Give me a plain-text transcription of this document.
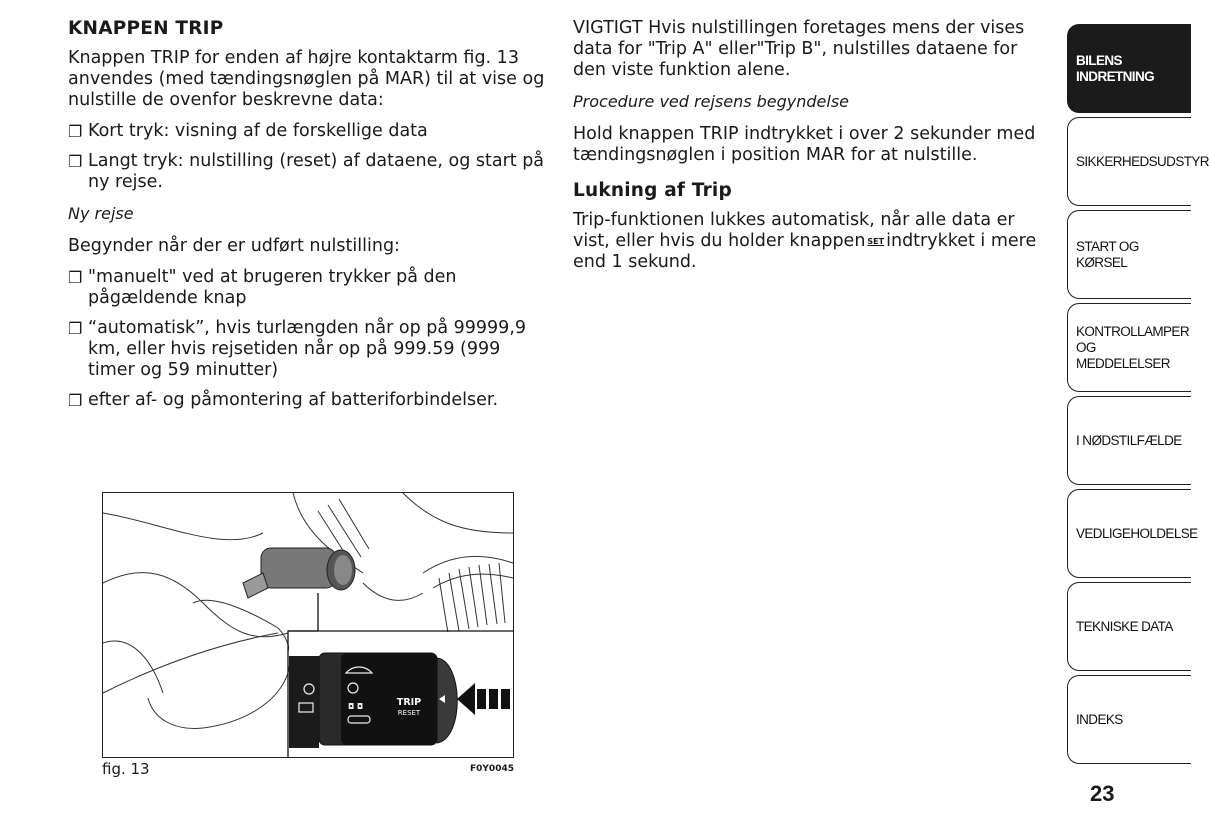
KNAPPEN TRIP

Knappen TRIP for enden af højre kontaktarm fig. 13 anvendes (med tændingsnøglen på MAR) til at vise og nulstille de ovenfor beskrevne data:

❐ Kort tryk: visning af de forskellige data
❐ Langt tryk: nulstilling (reset) af dataene, og start på ny rejse.

Ny rejse

Begynder når der er udført nulstilling:

❐ "manuelt" ved at brugeren trykker på den pågældende knap
❐ “automatisk”, hvis turlængden når op på 99999,9 km, eller hvis rejsetiden når op på 999.59 (999 timer og 59 minutter)
❐ efter af- og påmontering af batteriforbindelser.
◘ ◘	TRIP
RESET
fig. 13	F0Y0045

VIGTIGT Hvis nulstillingen foretages mens der vises data for "Trip A" eller"Trip B", nulstilles dataene for den viste funktion alene.

Procedure ved rejsens begyndelse

Hold knappen TRIP indtrykket i over 2 sekunder med tændingsnøglen i position MAR for at nulstille.

Lukning af Trip

Trip-funktionen lukkes automatisk, når alle data er vist, eller hvis du holder knappen SET indtrykket i mere end 1 sekund.

BILENS
INDRETNING
SIKKERHEDSUDSTYR
START OG KØRSEL
KONTROLLAMPER
OG MEDDELELSER
I NØDSTILFÆLDE
VEDLIGEHOLDELSE
TEKNISKE DATA
INDEKS
23
